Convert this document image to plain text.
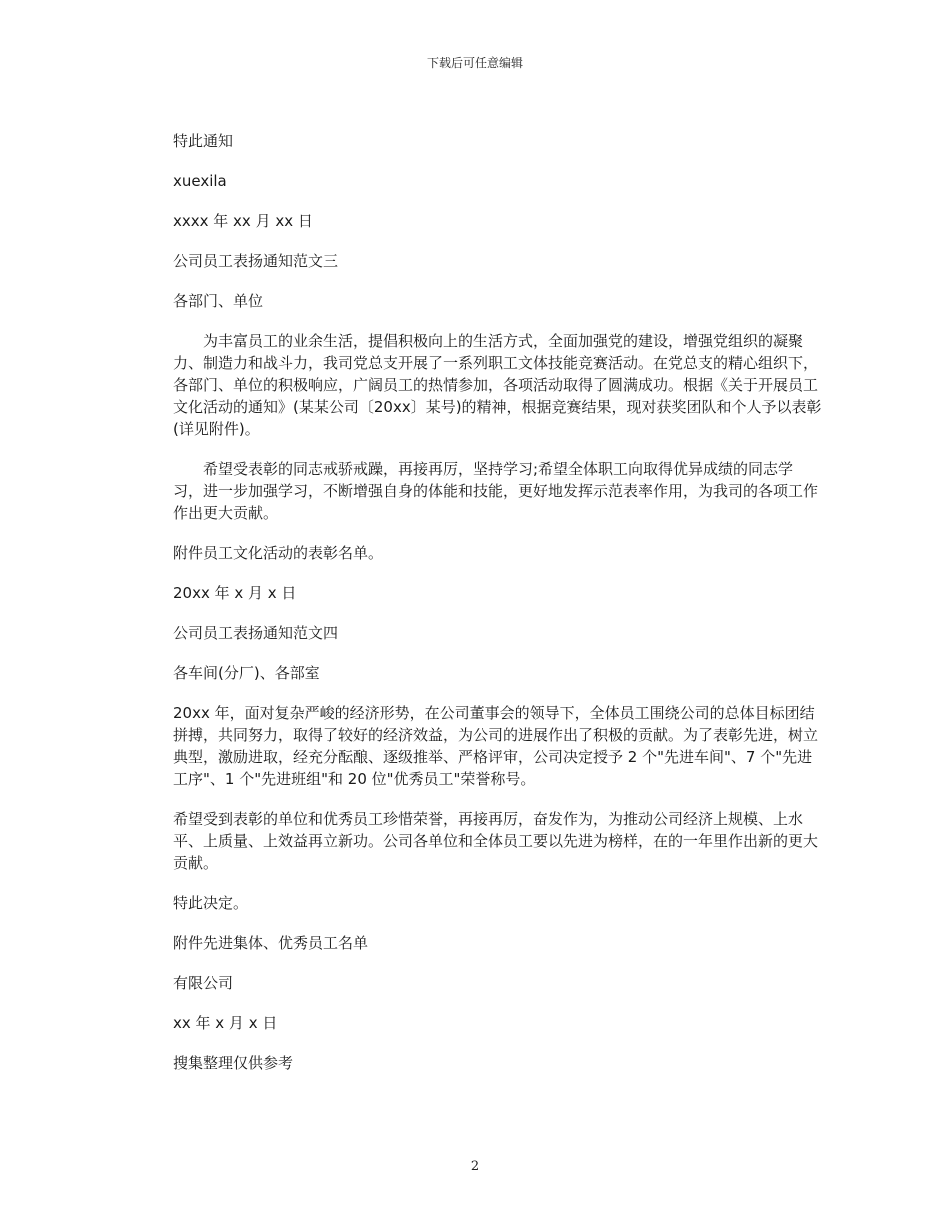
下载后可任意编辑
特此通知
xuexila
xxxx 年 xx 月 xx 日
公司员工表扬通知范文三
各部门、单位

为丰富员工的业余生活，提倡积极向上的生活方式，全面加强党的建设，增强党组织的凝聚力、制造力和战斗力，我司党总支开展了一系列职工文体技能竞赛活动。在党总支的精心组织下，各部门、单位的积极响应，广阔员工的热情参加，各项活动取得了圆满成功。根据《关于开展员工文化活动的通知》(某某公司〔20xx〕某号)的精神，根据竞赛结果，现对获奖团队和个人予以表彰(详见附件)。

希望受表彰的同志戒骄戒躁，再接再厉，坚持学习;希望全体职工向取得优异成绩的同志学习，进一步加强学习，不断增强自身的体能和技能，更好地发挥示范表率作用，为我司的各项工作作出更大贡献。

附件员工文化活动的表彰名单。
20xx 年 x 月 x 日
公司员工表扬通知范文四
各车间(分厂)、各部室

20xx 年，面对复杂严峻的经济形势，在公司董事会的领导下，全体员工围绕公司的总体目标团结拼搏，共同努力，取得了较好的经济效益，为公司的进展作出了积极的贡献。为了表彰先进，树立典型，激励进取，经充分酝酿、逐级推举、严格评审，公司决定授予 2 个"先进车间"、7 个"先进工序"、1 个"先进班组"和 20 位"优秀员工"荣誉称号。

希望受到表彰的单位和优秀员工珍惜荣誉，再接再厉，奋发作为，为推动公司经济上规模、上水平、上质量、上效益再立新功。公司各单位和全体员工要以先进为榜样，在的一年里作出新的更大贡献。

特此决定。
附件先进集体、优秀员工名单
有限公司
xx 年 x 月 x 日
搜集整理仅供参考
2
